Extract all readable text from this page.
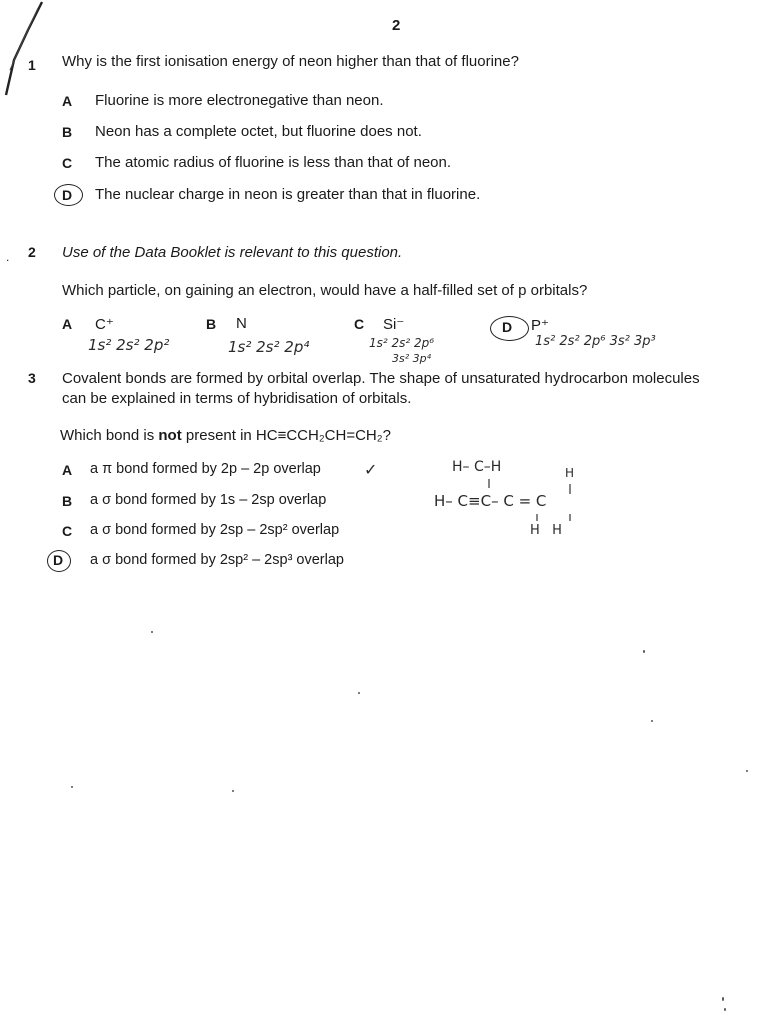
2
1 Why is the first ionisation energy of neon higher than that of fluorine?
A Fluorine is more electronegative than neon.
B Neon has a complete octet, but fluorine does not.
C The atomic radius of fluorine is less than that of neon.
D The nuclear charge in neon is greater than that in fluorine.
. 2 Use of the Data Booklet is relevant to this question.
Which particle, on gaining an electron, would have a half-filled set of p orbitals?
A C⁺
1s² 2s² 2p²
B N
1s² 2s² 2p⁴
C Si⁻
1s² 2s² 2p⁶
3s² 3p⁴
D P⁺
1s² 2s² 2p⁶ 3s² 3p³
3 Covalent bonds are formed by orbital overlap. The shape of unsaturated hydrocarbon molecules
can be explained in terms of hybridisation of orbitals.
Which bond is not present in HC≡CCH₂CH=CH₂?
A a π bond formed by 2p – 2p overlap	✓
B a σ bond formed by 1s – 2sp overlap
C a σ bond formed by 2sp – 2sp² overlap
D a σ bond formed by 2sp² – 2sp³ overlap
H– C–H	H
H– C≡C– C = C
H   H
